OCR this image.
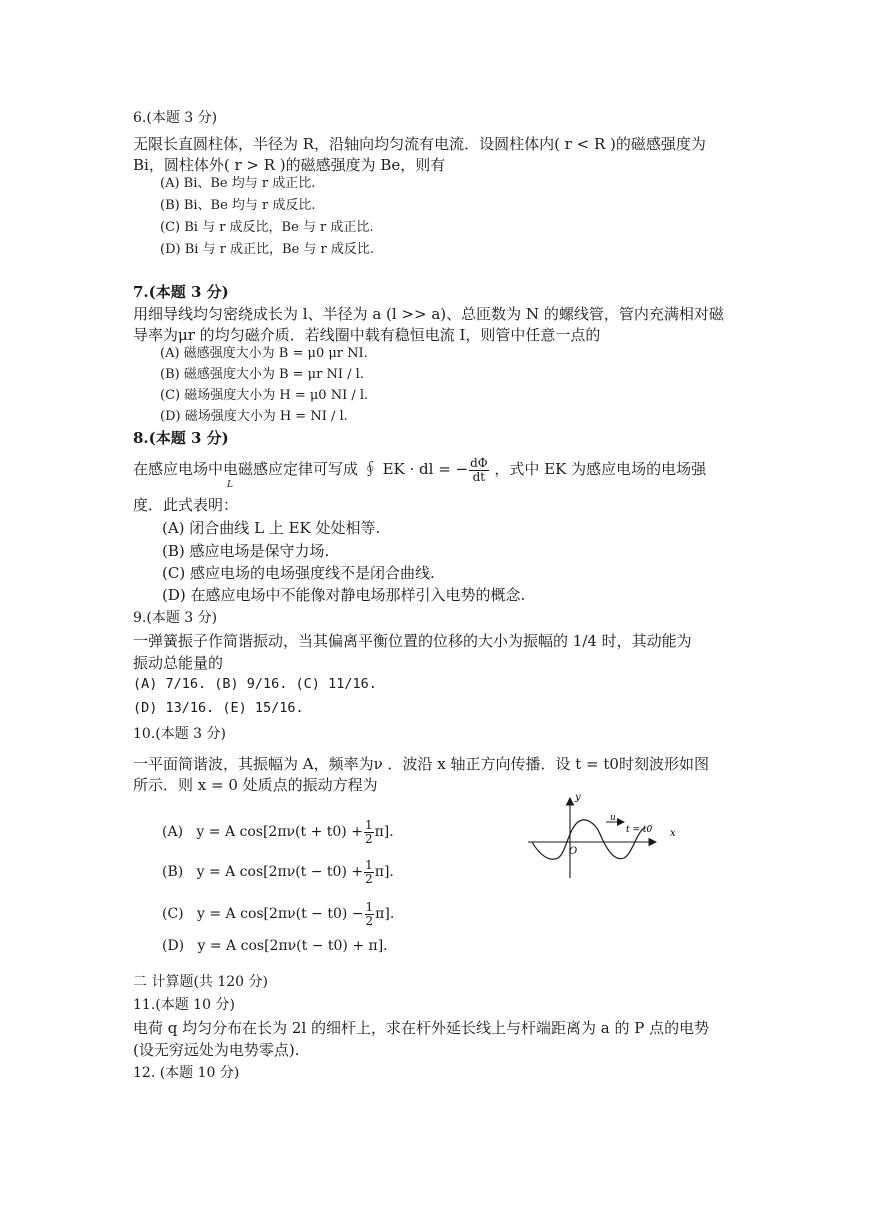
6.(本题 3 分)
无限长直圆柱体，半径为 R，沿轴向均匀流有电流．设圆柱体内( r < R )的磁感强度为
Bi，圆柱体外( r > R )的磁感强度为 Be，则有
(A) Bi、Be 均与 r 成正比.
(B) Bi、Be 均与 r 成反比.
(C) Bi 与 r 成反比，Be 与 r 成正比.
(D) Bi 与 r 成正比，Be 与 r 成反比.
7.(本题 3 分)
用细导线均匀密绕成长为 l、半径为 a (l >> a)、总匝数为 N 的螺线管，管内充满相对磁
导率为μr 的均匀磁介质．若线圈中载有稳恒电流 I，则管中任意一点的
(A) 磁感强度大小为 B = μ0 μr NI.
(B) 磁感强度大小为 B = μr NI / l.
(C) 磁场强度大小为 H = μ0 NI / l.
(D) 磁场强度大小为 H = NI / l.
8.(本题 3 分)
在感应电场中电磁感应定律可写成 ∮ EK · dl = − $\frac{d\Phi}{dt}$ ，式中 EK 为感应电场的电场强
L
度．此式表明：
(A) 闭合曲线 L 上 EK 处处相等.
(B) 感应电场是保守力场.
(C) 感应电场的电场强度线不是闭合曲线.
(D) 在感应电场中不能像对静电场那样引入电势的概念.
9.(本题 3 分)
一弹簧振子作简谐振动，当其偏离平衡位置的位移的大小为振幅的 1/4 时，其动能为
振动总能量的
(A) 7/16. (B) 9/16. (C) 11/16.
(D) 13/16. (E) 15/16.
10.(本题 3 分)
一平面简谐波，其振幅为 A，频率为ν ．波沿 x 轴正方向传播．设 t = t0时刻波形如图
所示．则 x = 0 处质点的振动方程为
(A) y = A $\cos[2\pi\nu(t + t0) + \frac{1}{2} \pi]$.
(B) y = A $\cos[2\pi\nu(t - t0) + \frac{1}{2} \pi]$.
(C) y = A $\cos[2\pi\nu(t - t0) - \frac{1}{2} \pi]$.
(D) y = A cos[2πν(t − t0) + π].
y
x
O
u
t = t0
二 计算题(共 120 分)
11.(本题 10 分)
电荷 q 均匀分布在长为 2l 的细杆上，求在杆外延长线上与杆端距离为 a 的 P 点的电势
(设无穷远处为电势零点).
12. (本题 10 分)
